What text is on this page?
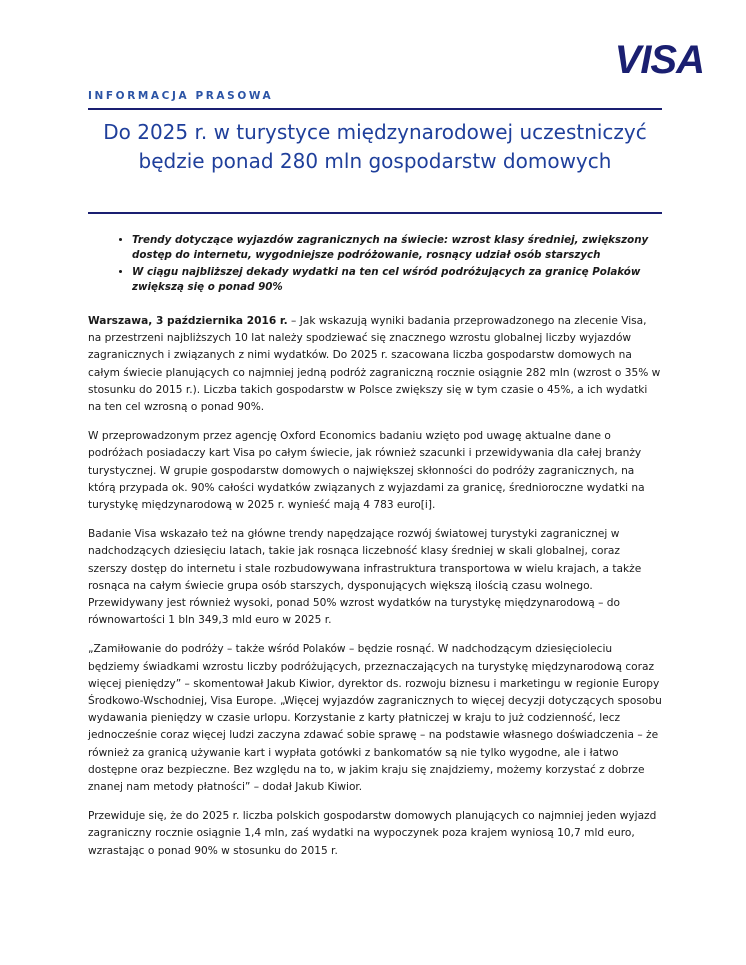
VISA
INFORMACJA PRASOWA
Do 2025 r. w turystyce międzynarodowej uczestniczyć będzie ponad 280 mln gospodarstw domowych
• Trendy dotyczące wyjazdów zagranicznych na świecie: wzrost klasy średniej, zwiększony dostęp do internetu, wygodniejsze podróżowanie, rosnący udział osób starszych
• W ciągu najbliższej dekady wydatki na ten cel wśród podróżujących za granicę Polaków zwiększą się o ponad 90%

Warszawa, 3 października 2016 r. – Jak wskazują wyniki badania przeprowadzonego na zlecenie Visa, na przestrzeni najbliższych 10 lat należy spodziewać się znacznego wzrostu globalnej liczby wyjazdów zagranicznych i związanych z nimi wydatków. Do 2025 r. szacowana liczba gospodarstw domowych na całym świecie planujących co najmniej jedną podróż zagraniczną rocznie osiągnie 282 mln (wzrost o 35% w stosunku do 2015 r.). Liczba takich gospodarstw w Polsce zwiększy się w tym czasie o 45%, a ich wydatki na ten cel wzrosną o ponad 90%.

W przeprowadzonym przez agencję Oxford Economics badaniu wzięto pod uwagę aktualne dane o podróżach posiadaczy kart Visa po całym świecie, jak również szacunki i przewidywania dla całej branży turystycznej. W grupie gospodarstw domowych o największej skłonności do podróży zagranicznych, na którą przypada ok. 90% całości wydatków związanych z wyjazdami za granicę, średnioroczne wydatki na turystykę międzynarodową w 2025 r. wynieść mają 4 783 euro[i].

Badanie Visa wskazało też na główne trendy napędzające rozwój światowej turystyki zagranicznej w nadchodzących dziesięciu latach, takie jak rosnąca liczebność klasy średniej w skali globalnej, coraz szerszy dostęp do internetu i stale rozbudowywana infrastruktura transportowa w wielu krajach, a także rosnąca na całym świecie grupa osób starszych, dysponujących większą ilością czasu wolnego. Przewidywany jest również wysoki, ponad 50% wzrost wydatków na turystykę międzynarodową – do równowartości 1 bln 349,3 mld euro w 2025 r.

„Zamiłowanie do podróży – także wśród Polaków – będzie rosnąć. W nadchodzącym dziesięcioleciu będziemy świadkami wzrostu liczby podróżujących, przeznaczających na turystykę międzynarodową coraz więcej pieniędzy” – skomentował Jakub Kiwior, dyrektor ds. rozwoju biznesu i marketingu w regionie Europy Środkowo-Wschodniej, Visa Europe. „Więcej wyjazdów zagranicznych to więcej decyzji dotyczących sposobu wydawania pieniędzy w czasie urlopu. Korzystanie z karty płatniczej w kraju to już codzienność, lecz jednocześnie coraz więcej ludzi zaczyna zdawać sobie sprawę – na podstawie własnego doświadczenia – że również za granicą używanie kart i wypłata gotówki z bankomatów są nie tylko wygodne, ale i łatwo dostępne oraz bezpieczne. Bez względu na to, w jakim kraju się znajdziemy, możemy korzystać z dobrze znanej nam metody płatności” – dodał Jakub Kiwior.

Przewiduje się, że do 2025 r. liczba polskich gospodarstw domowych planujących co najmniej jeden wyjazd zagraniczny rocznie osiągnie 1,4 mln, zaś wydatki na wypoczynek poza krajem wyniosą 10,7 mld euro, wzrastając o ponad 90% w stosunku do 2015 r.
